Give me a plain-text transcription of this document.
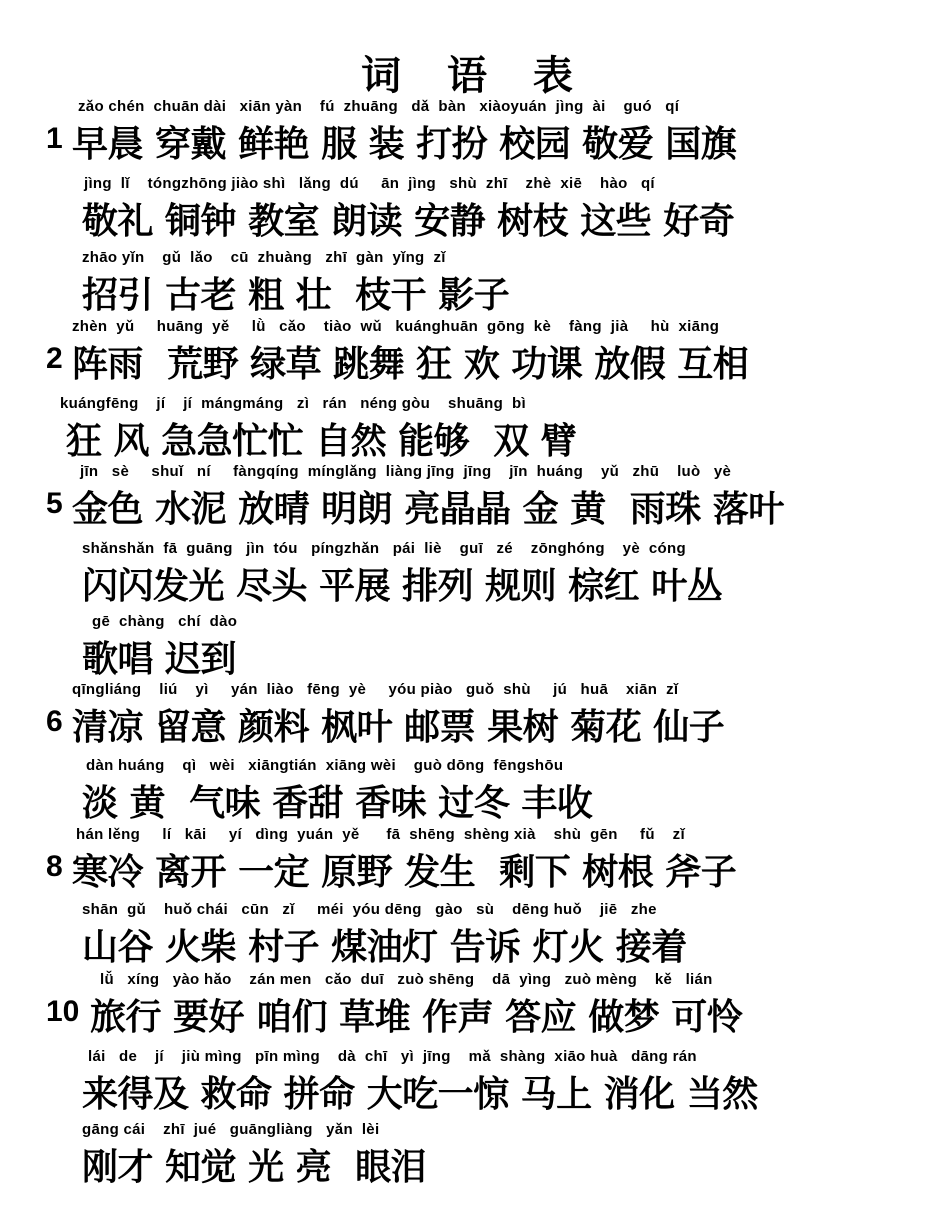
词 语 表
1
zǎo chén  chuān dài   xiān yàn    fú  zhuāng   dǎ  bàn   xiàoyuán  jìng  ài    guó   qí
早晨 穿戴 鲜艳 服 装 打扮 校园 敬爱 国旗
jìng  lǐ    tóngzhōng jiào shì   lǎng  dú     ān  jìng   shù  zhī    zhè  xiē    hào   qí
敬礼 铜钟 教室 朗读 安静 树枝 这些 好奇
zhāo yǐn    gǔ  lǎo    cū  zhuàng   zhī  gàn  yǐng  zǐ
招引 古老 粗 壮  枝干 影子
2
zhèn  yǔ     huāng  yě     lǜ   cǎo    tiào  wǔ   kuánghuān  gōng  kè    fàng  jià     hù  xiāng
阵雨  荒野 绿草 跳舞 狂 欢 功课 放假 互相
kuángfēng    jí    jí  mángmáng   zì   rán   néng gòu    shuāng  bì
狂 风 急急忙忙 自然 能够  双 臂
5
jīn   sè     shuǐ   ní     fàngqíng  mínglǎng  liàng jīng  jīng    jīn  huáng    yǔ   zhū    luò   yè
金色 水泥 放晴 明朗 亮晶晶 金 黄  雨珠 落叶
shǎnshǎn  fā  guāng   jìn  tóu   píngzhǎn   pái  liè    guī   zé    zōnghóng    yè  cóng
闪闪发光 尽头 平展 排列 规则 棕红 叶丛
gē  chàng   chí  dào
歌唱 迟到
6
qīngliáng    liú    yì     yán  liào   fēng  yè     yóu piào   guǒ  shù     jú   huā    xiān  zǐ
清凉 留意 颜料 枫叶 邮票 果树 菊花 仙子
dàn huáng    qì   wèi   xiāngtián  xiāng wèi    guò dōng  fēngshōu
淡 黄  气味 香甜 香味 过冬 丰收
8
hán lěng     lí   kāi     yí   dìng  yuán  yě      fā  shēng  shèng xià    shù  gēn     fǔ    zǐ
寒冷 离开 一定 原野 发生  剩下 树根 斧子
shān  gǔ    huǒ chái   cūn   zǐ     méi  yóu dēng   gào   sù    dēng huǒ    jiē   zhe
山谷 火柴 村子 煤油灯 告诉 灯火 接着
10
lǚ   xíng   yào hǎo    zán men   cǎo  duī   zuò shēng    dā  yìng   zuò mèng    kě   lián
旅行 要好 咱们 草堆 作声 答应 做梦 可怜
lái   de    jí    jiù mìng   pīn mìng    dà  chī   yì  jīng    mǎ  shàng  xiāo huà   dāng rán
来得及 救命 拼命 大吃一惊 马上 消化 当然
gāng cái    zhī  jué   guāngliàng   yǎn  lèi
刚才 知觉 光 亮  眼泪
